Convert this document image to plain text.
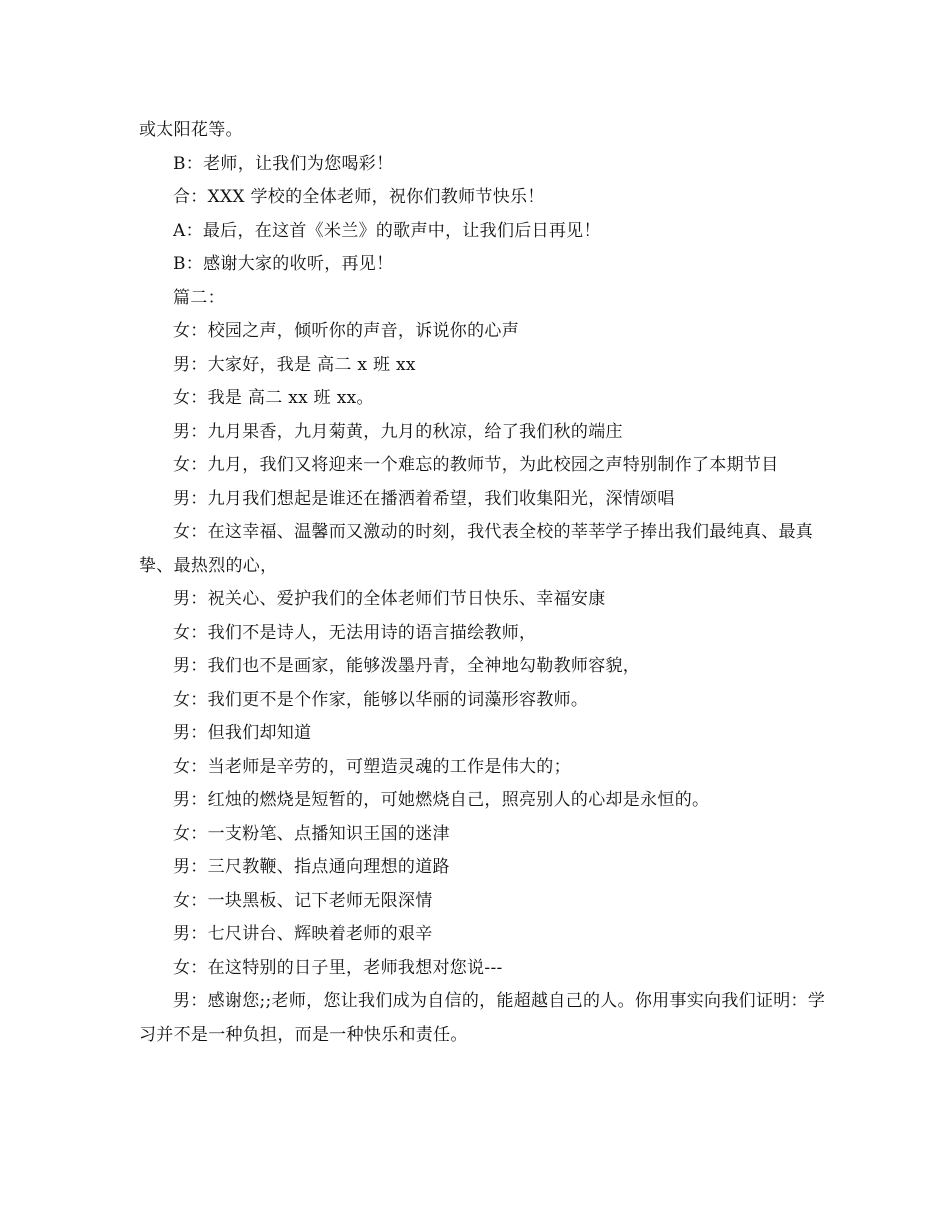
或太阳花等。

B：老师，让我们为您喝彩！

合：XXX 学校的全体老师，祝你们教师节快乐！

A：最后，在这首《米兰》的歌声中，让我们后日再见！

B：感谢大家的收听，再见！

篇二：

女：校园之声，倾听你的声音，诉说你的心声

男：大家好，我是 高二 x 班 xx

女：我是 高二 xx 班 xx。

男：九月果香，九月菊黄，九月的秋凉，给了我们秋的端庄

女：九月，我们又将迎来一个难忘的教师节，为此校园之声特别制作了本期节目

男：九月我们想起是谁还在播洒着希望，我们收集阳光，深情颂唱

女：在这幸福、温馨而又激动的时刻，我代表全校的莘莘学子捧出我们最纯真、最真挚、最热烈的心，

男：祝关心、爱护我们的全体老师们节日快乐、幸福安康

女：我们不是诗人，无法用诗的语言描绘教师，

男：我们也不是画家，能够泼墨丹青，全神地勾勒教师容貌，

女：我们更不是个作家，能够以华丽的词藻形容教师。

男：但我们却知道

女：当老师是辛劳的，可塑造灵魂的工作是伟大的；

男：红烛的燃烧是短暂的，可她燃烧自己，照亮别人的心却是永恒的。

女：一支粉笔、点播知识王国的迷津

男：三尺教鞭、指点通向理想的道路

女：一块黑板、记下老师无限深情

男：七尺讲台、辉映着老师的艰辛

女：在这特别的日子里，老师我想对您说---

男：感谢您;;老师，您让我们成为自信的，能超越自己的人。你用事实向我们证明：学习并不是一种负担，而是一种快乐和责任。
